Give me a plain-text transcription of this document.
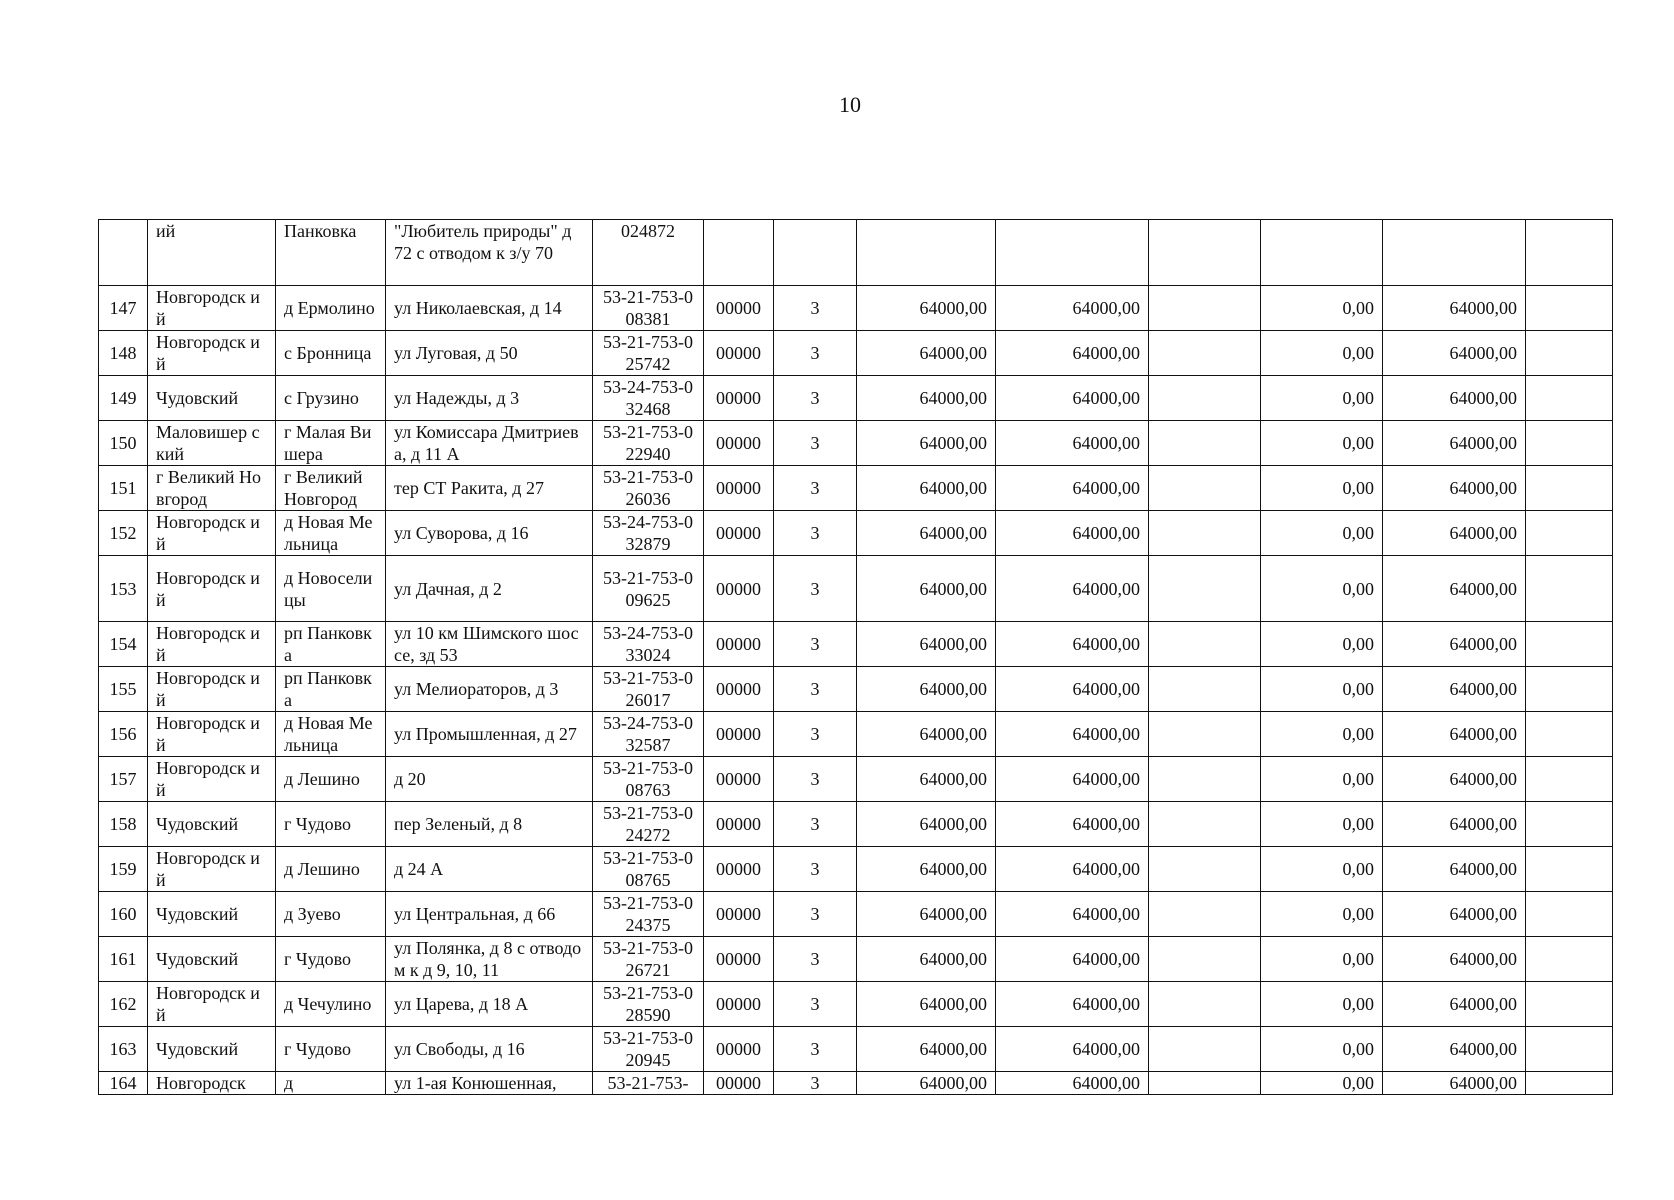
10
	ий	Панковка	"Любитель природы" д 72 с отводом к з/у 70	024872								
147	Новгородск ий	д Ермолино	ул Николаевская, д 14	53-21-753-008381	00000	3	64000,00	64000,00		0,00	64000,00	
148	Новгородск ий	с Бронница	ул Луговая, д 50	53-21-753-025742	00000	3	64000,00	64000,00		0,00	64000,00	
149	Чудовский	с Грузино	ул Надежды, д 3	53-24-753-032468	00000	3	64000,00	64000,00		0,00	64000,00	
150	Маловишер ский	г Малая Вишера	ул Комиссара Дмитриева, д 11 А	53-21-753-022940	00000	3	64000,00	64000,00		0,00	64000,00	
151	г Великий Новгород	г Великий Новгород	тер СТ Ракита, д 27	53-21-753-026036	00000	3	64000,00	64000,00		0,00	64000,00	
152	Новгородск ий	д Новая Мельница	ул Суворова, д 16	53-24-753-032879	00000	3	64000,00	64000,00		0,00	64000,00	
153	Новгородск ий	д Новосели цы	ул Дачная, д 2	53-21-753-009625	00000	3	64000,00	64000,00		0,00	64000,00	
154	Новгородск ий	рп Панковка	ул 10 км Шимского шоссе, зд 53	53-24-753-033024	00000	3	64000,00	64000,00		0,00	64000,00	
155	Новгородск ий	рп Панковка	ул Мелиораторов, д 3	53-21-753-026017	00000	3	64000,00	64000,00		0,00	64000,00	
156	Новгородск ий	д Новая Мельница	ул Промышленная, д 27	53-24-753-032587	00000	3	64000,00	64000,00		0,00	64000,00	
157	Новгородск ий	д Лешино	д 20	53-21-753-008763	00000	3	64000,00	64000,00		0,00	64000,00	
158	Чудовский	г Чудово	пер Зеленый, д 8	53-21-753-024272	00000	3	64000,00	64000,00		0,00	64000,00	
159	Новгородск ий	д Лешино	д 24 А	53-21-753-008765	00000	3	64000,00	64000,00		0,00	64000,00	
160	Чудовский	д Зуево	ул Центральная, д 66	53-21-753-024375	00000	3	64000,00	64000,00		0,00	64000,00	
161	Чудовский	г Чудово	ул Полянка, д 8 с отводом к д 9, 10, 11	53-21-753-026721	00000	3	64000,00	64000,00		0,00	64000,00	
162	Новгородск ий	д Чечулино	ул Царева, д 18 А	53-21-753-028590	00000	3	64000,00	64000,00		0,00	64000,00	
163	Чудовский	г Чудово	ул Свободы, д 16	53-21-753-020945	00000	3	64000,00	64000,00		0,00	64000,00	
164	Новгородск	д	ул 1-ая Конюшенная,	53-21-753-	00000	3	64000,00	64000,00		0,00	64000,00	
